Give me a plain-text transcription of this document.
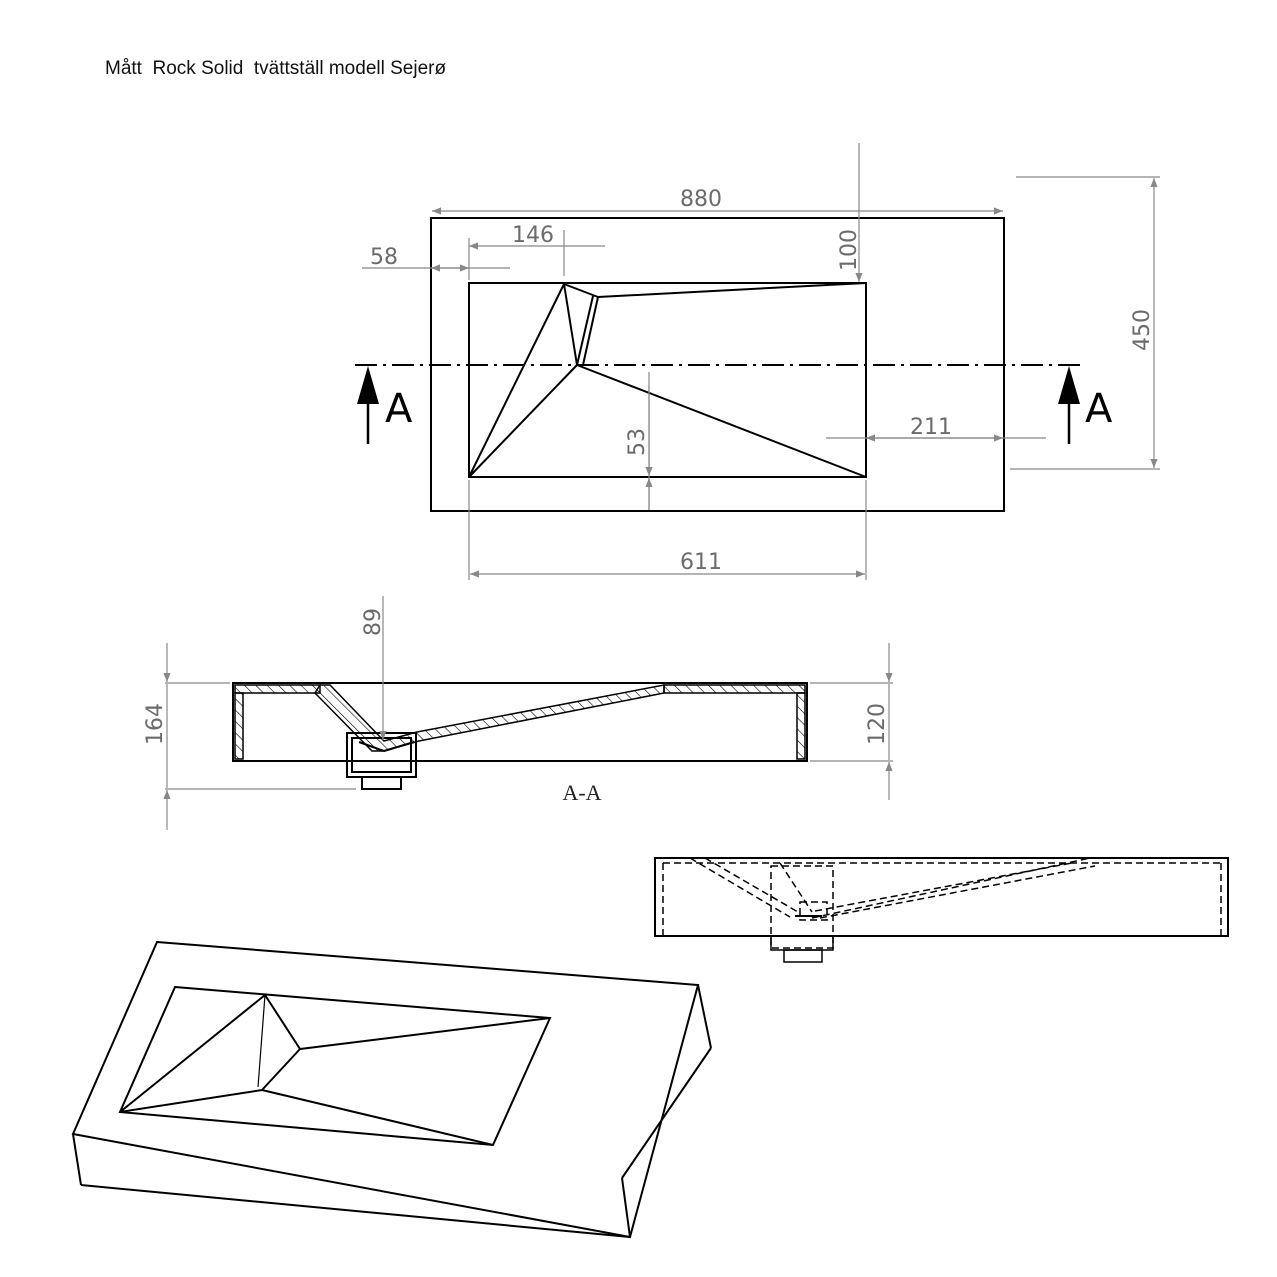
Mått  Rock Solid  tvättställ modell Sejerø
A	A
880
146
58
611
211
100
450
53
164	120
89
A-A
